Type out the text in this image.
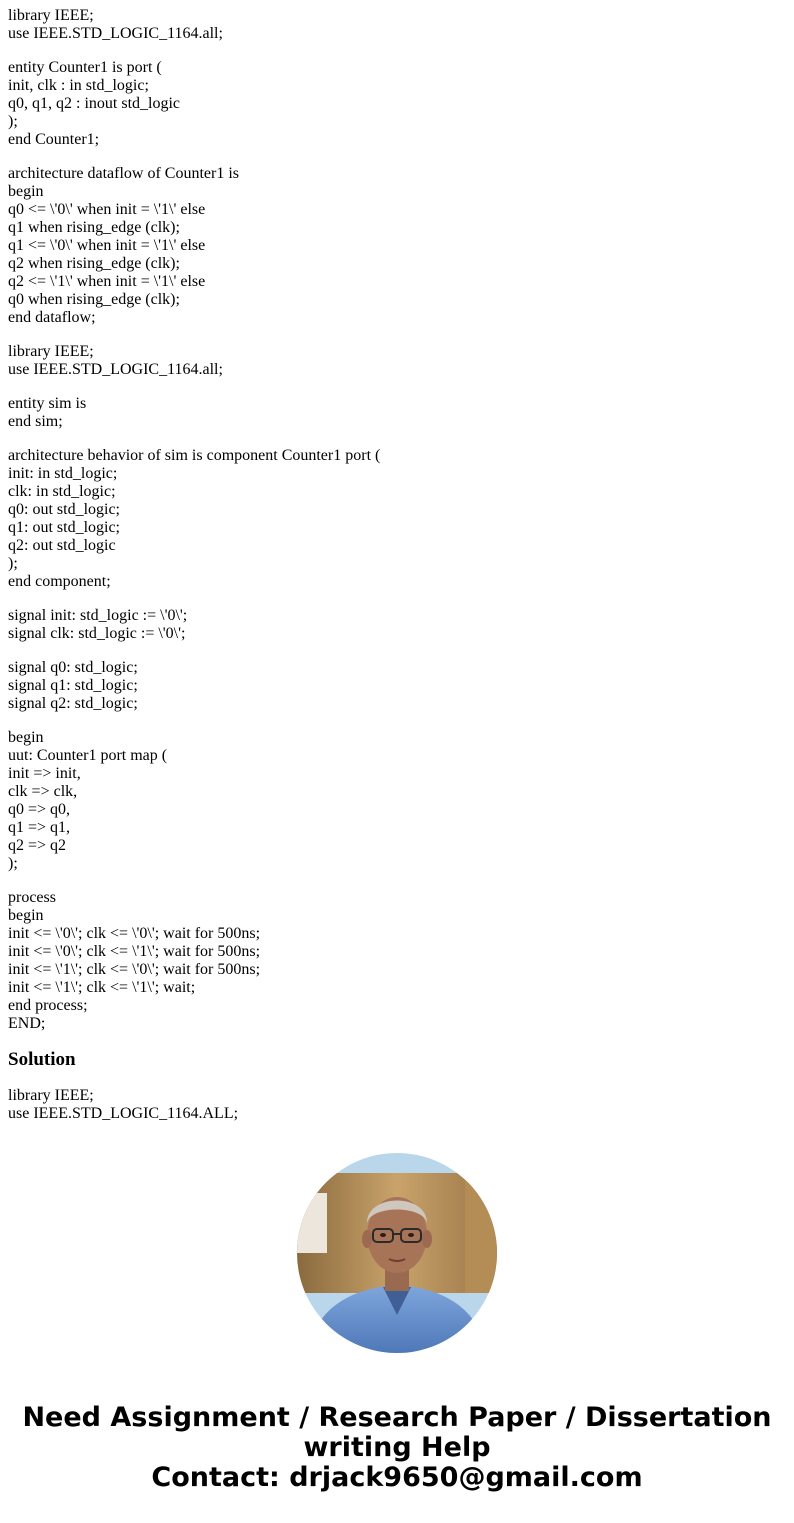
library IEEE;
use IEEE.STD_LOGIC_1164.all;
entity Counter1 is port (
init, clk : in std_logic;
q0, q1, q2 : inout std_logic
);
end Counter1;
architecture dataflow of Counter1 is
begin
q0 <= \'0\' when init = \'1\' else
q1 when rising_edge (clk);
q1 <= \'0\' when init = \'1\' else
q2 when rising_edge (clk);
q2 <= \'1\' when init = \'1\' else
q0 when rising_edge (clk);
end dataflow;
library IEEE;
use IEEE.STD_LOGIC_1164.all;
entity sim is
end sim;
architecture behavior of sim is component Counter1 port (
init: in std_logic;
clk: in std_logic;
q0: out std_logic;
q1: out std_logic;
q2: out std_logic
);
end component;
signal init: std_logic := \'0\';
signal clk: std_logic := \'0\';
signal q0: std_logic;
signal q1: std_logic;
signal q2: std_logic;
begin
uut: Counter1 port map (
init => init,
clk => clk,
q0 => q0,
q1 => q1,
q2 => q2
);
process
begin
init <= \'0\'; clk <= \'0\'; wait for 500ns;
init <= \'0\'; clk <= \'1\'; wait for 500ns;
init <= \'1\'; clk <= \'0\'; wait for 500ns;
init <= \'1\'; clk <= \'1\'; wait;
end process;
END;
Solution
library IEEE;
use IEEE.STD_LOGIC_1164.ALL;
Need Assignment / Research Paper / Dissertation
writing Help
Contact: drjack9650@gmail.com
